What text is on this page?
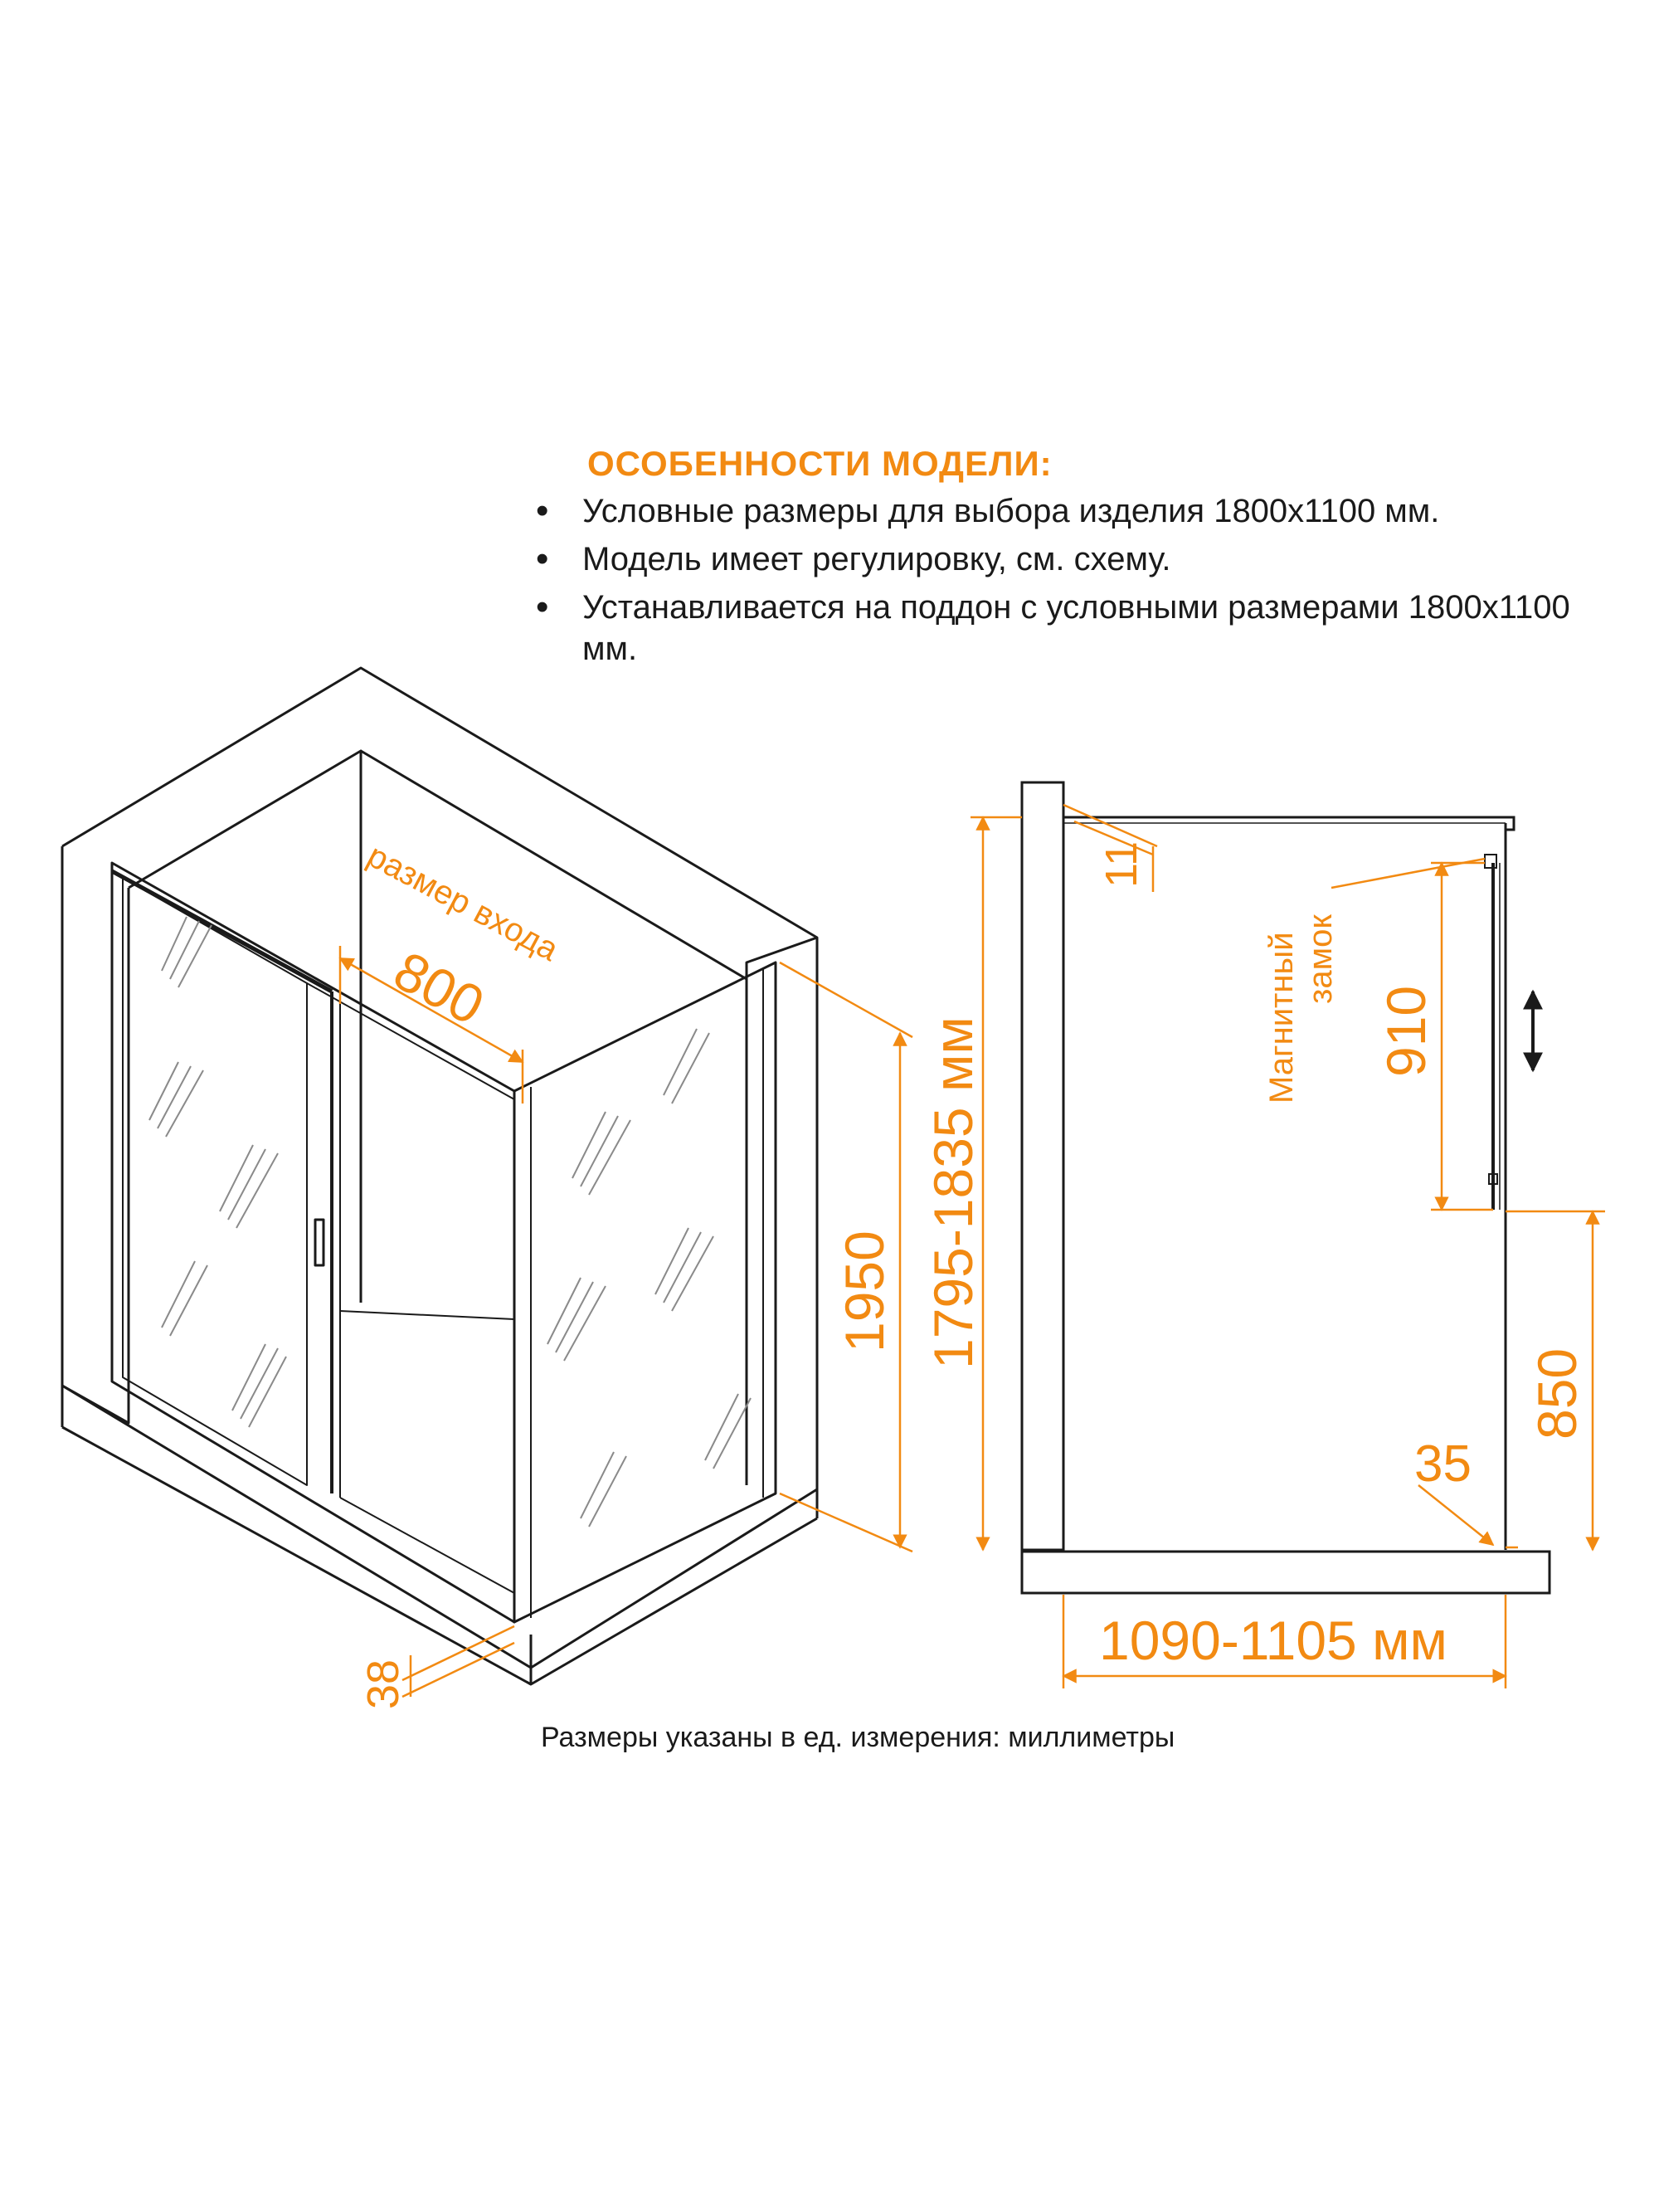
ОСОБЕННОСТИ МОДЕЛИ:
• Условные размеры для выбора изделия 1800х1100 мм.
• Модель имеет регулировку, см. схему.
• Устанавливается на поддон с условными размерами 1800х1100 мм.
размер входа
800
1950
38
1795-1835 мм
11
Магнитный замок
910
850
35
1090-1105 мм
Размеры указаны в ед. измерения: миллиметры
